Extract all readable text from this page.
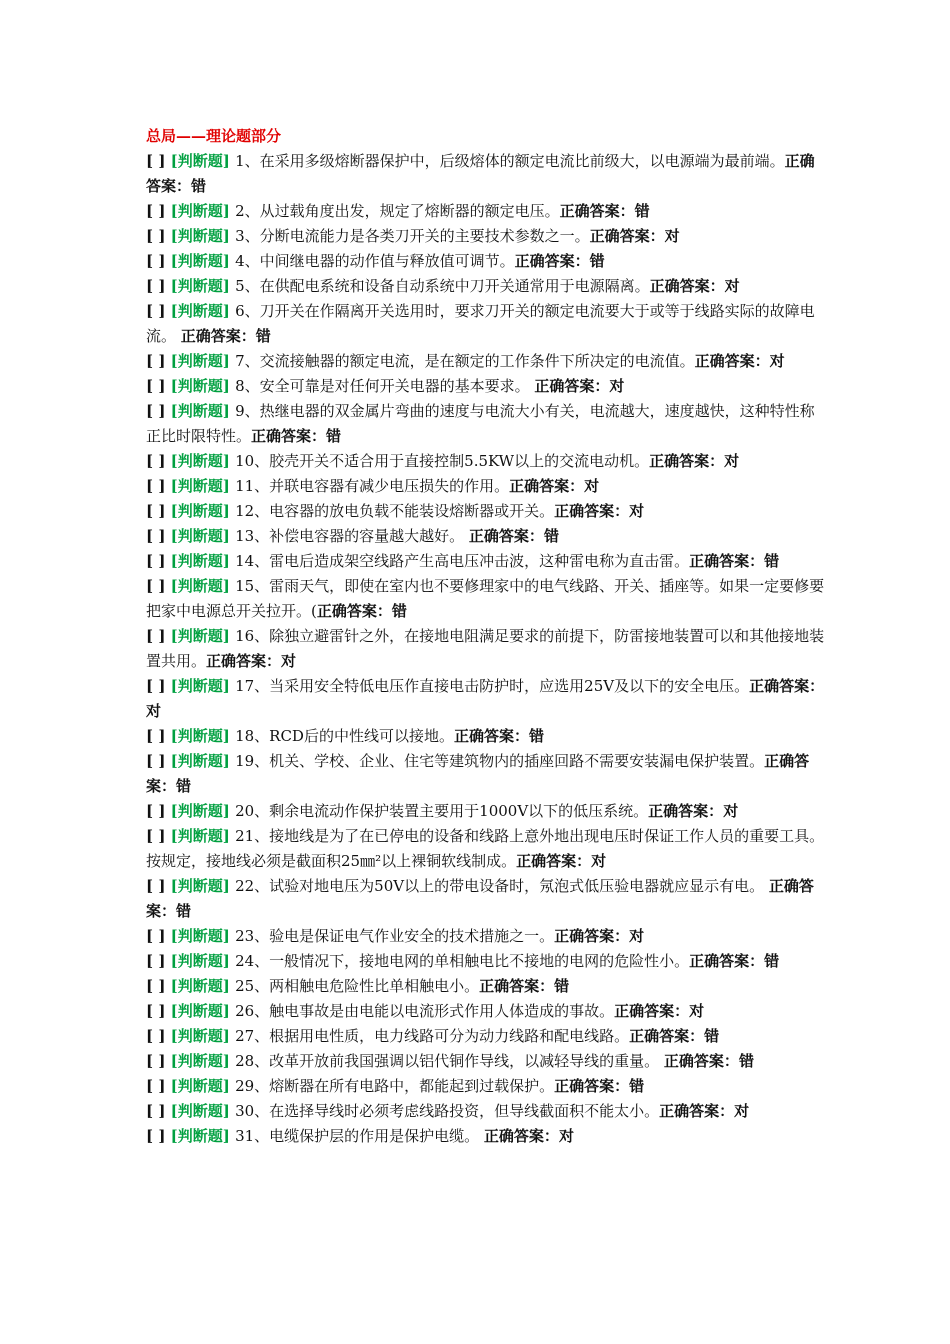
总局——理论题部分

[ ] [判断题] 1、在采用多级熔断器保护中，后级熔体的额定电流比前级大，以电源端为最前端。正确答案：错

[ ] [判断题] 2、从过载角度出发，规定了熔断器的额定电压。正确答案：错

[ ] [判断题] 3、分断电流能力是各类刀开关的主要技术参数之一。正确答案：对

[ ] [判断题] 4、中间继电器的动作值与释放值可调节。正确答案：错

[ ] [判断题] 5、在供配电系统和设备自动系统中刀开关通常用于电源隔离。正确答案：对

[ ] [判断题] 6、刀开关在作隔离开关选用时，要求刀开关的额定电流要大于或等于线路实际的故障电流。 正确答案：错

[ ] [判断题] 7、交流接触器的额定电流，是在额定的工作条件下所决定的电流值。正确答案：对

[ ] [判断题] 8、安全可靠是对任何开关电器的基本要求。 正确答案：对

[ ] [判断题] 9、热继电器的双金属片弯曲的速度与电流大小有关，电流越大，速度越快，这种特性称正比时限特性。正确答案：错

[ ] [判断题] 10、胶壳开关不适合用于直接控制5.5KW以上的交流电动机。正确答案：对

[ ] [判断题] 11、并联电容器有减少电压损失的作用。正确答案：对

[ ] [判断题] 12、电容器的放电负载不能装设熔断器或开关。正确答案：对

[ ] [判断题] 13、补偿电容器的容量越大越好。 正确答案：错

[ ] [判断题] 14、雷电后造成架空线路产生高电压冲击波，这种雷电称为直击雷。正确答案：错

[ ] [判断题] 15、雷雨天气，即使在室内也不要修理家中的电气线路、开关、插座等。如果一定要修要把家中电源总开关拉开。(正确答案：错

[ ] [判断题] 16、除独立避雷针之外，在接地电阻满足要求的前提下，防雷接地装置可以和其他接地装置共用。正确答案：对

[ ] [判断题] 17、当采用安全特低电压作直接电击防护时，应选用25V及以下的安全电压。正确答案：对

[ ] [判断题] 18、RCD后的中性线可以接地。正确答案：错

[ ] [判断题] 19、机关、学校、企业、住宅等建筑物内的插座回路不需要安装漏电保护装置。正确答案：错

[ ] [判断题] 20、剩余电流动作保护装置主要用于1000V以下的低压系统。正确答案：对

[ ] [判断题] 21、接地线是为了在已停电的设备和线路上意外地出现电压时保证工作人员的重要工具。按规定，接地线必须是截面积25㎜²以上裸铜软线制成。正确答案：对

[ ] [判断题] 22、试验对地电压为50V以上的带电设备时，氖泡式低压验电器就应显示有电。 正确答案：错

[ ] [判断题] 23、验电是保证电气作业安全的技术措施之一。正确答案：对

[ ] [判断题] 24、一般情况下，接地电网的单相触电比不接地的电网的危险性小。正确答案：错

[ ] [判断题] 25、两相触电危险性比单相触电小。正确答案：错

[ ] [判断题] 26、触电事故是由电能以电流形式作用人体造成的事故。正确答案：对

[ ] [判断题] 27、根据用电性质，电力线路可分为动力线路和配电线路。正确答案：错

[ ] [判断题] 28、改革开放前我国强调以铝代铜作导线，以减轻导线的重量。 正确答案：错

[ ] [判断题] 29、熔断器在所有电路中，都能起到过载保护。正确答案：错

[ ] [判断题] 30、在选择导线时必须考虑线路投资，但导线截面积不能太小。正确答案：对

[ ] [判断题] 31、电缆保护层的作用是保护电缆。 正确答案：对
